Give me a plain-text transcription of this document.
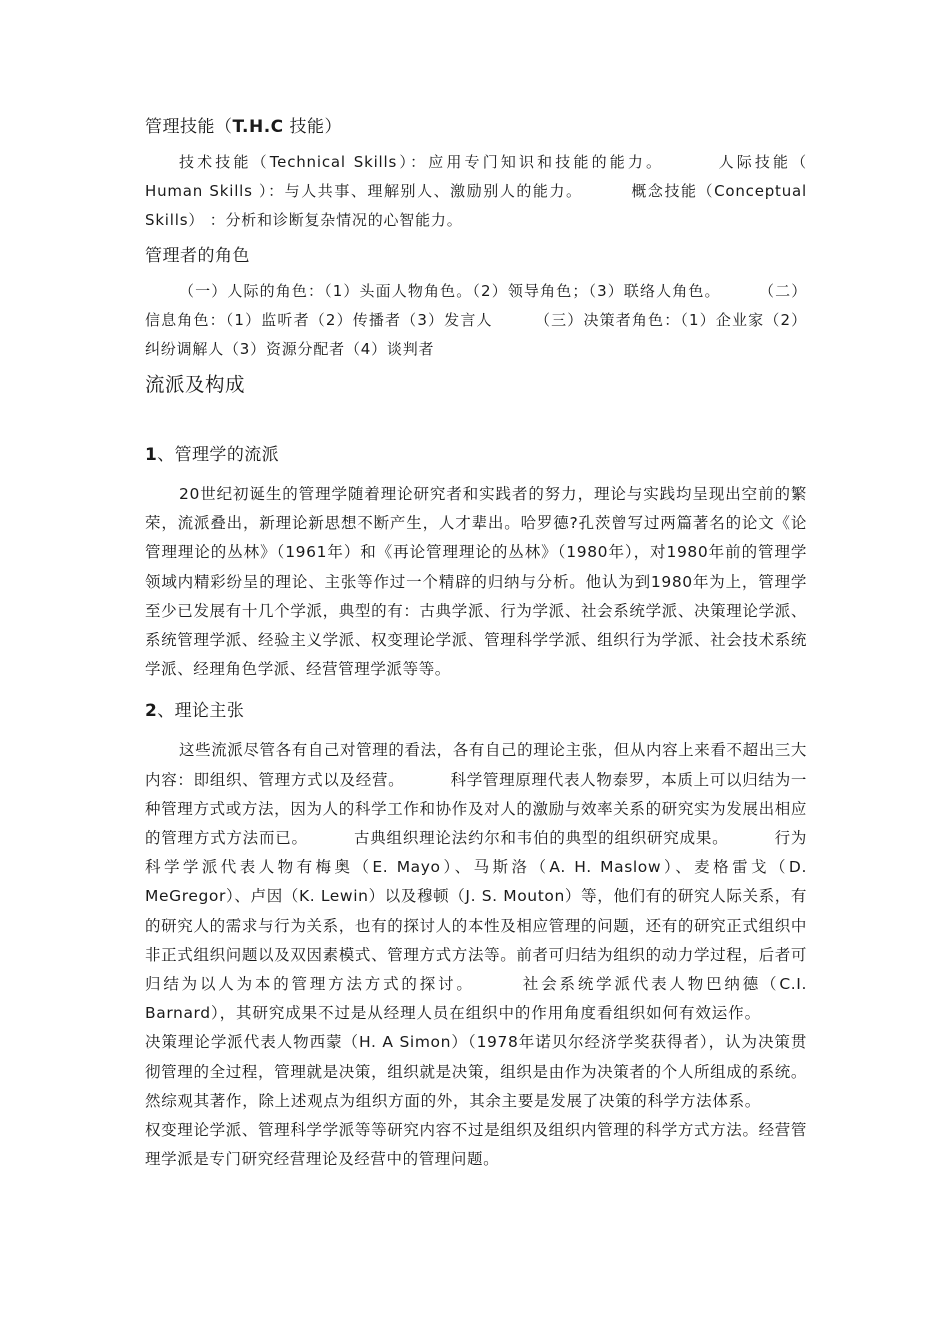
管理技能（T.H.C 技能）
技术技能（Technical Skills）：应用专门知识和技能的能力。	人际技能（ Human Skills ）：与人共事、理解别人、激励别人的能力。	概念技能（Conceptual Skills） ：分析和诊断复杂情况的心智能力。
管理者的角色
（一）人际的角色：（1）头面人物角色。（2）领导角色；（3）联络人角色。	（二）信息角色：（1）监听者（2）传播者（3）发言人	（三）决策者角色：（1）企业家（2）纠纷调解人（3）资源分配者（4）谈判者
流派及构成
1、管理学的流派
20世纪初诞生的管理学随着理论研究者和实践者的努力，理论与实践均呈现出空前的繁荣，流派叠出，新理论新思想不断产生，人才辈出。哈罗德?孔茨曾写过两篇著名的论文《论管理理论的丛林》（1961年）和《再论管理理论的丛林》（1980年），对1980年前的管理学领域内精彩纷呈的理论、主张等作过一个精辟的归纳与分析。他认为到1980年为上，管理学至少已发展有十几个学派，典型的有：古典学派、行为学派、社会系统学派、决策理论学派、系统管理学派、经验主义学派、权变理论学派、管理科学学派、组织行为学派、社会技术系统学派、经理角色学派、经营管理学派等等。
2、理论主张
这些流派尽管各有自己对管理的看法，各有自己的理论主张，但从内容上来看不超出三大内容：即组织、管理方式以及经营。	科学管理原理代表人物泰罗，本质上可以归结为一种管理方式或方法，因为人的科学工作和协作及对人的激励与效率关系的研究实为发展出相应的管理方式方法而已。	古典组织理论法约尔和韦伯的典型的组织研究成果。	行为科学学派代表人物有梅奥（E. Mayo）、马斯洛（A. H. Maslow）、麦格雷戈（D. MeGregor）、卢因（K. Lewin）以及穆顿（J. S. Mouton）等，他们有的研究人际关系，有的研究人的需求与行为关系，也有的探讨人的本性及相应管理的问题，还有的研究正式组织中非正式组织问题以及双因素模式、管理方式方法等。前者可归结为组织的动力学过程，后者可归结为以人为本的管理方法方式的探讨。	社会系统学派代表人物巴纳德（C.I. Barnard），其研究成果不过是从经理人员在组织中的作用角度看组织如何有效运作。决策理论学派代表人物西蒙（H. A Simon）（1978年诺贝尔经济学奖获得者），认为决策贯彻管理的全过程，管理就是决策，组织就是决策，组织是由作为决策者的个人所组成的系统。然综观其著作，除上述观点为组织方面的外，其余主要是发展了决策的科学方法体系。权变理论学派、管理科学学派等等研究内容不过是组织及组织内管理的科学方式方法。经营管理学派是专门研究经营理论及经营中的管理问题。
